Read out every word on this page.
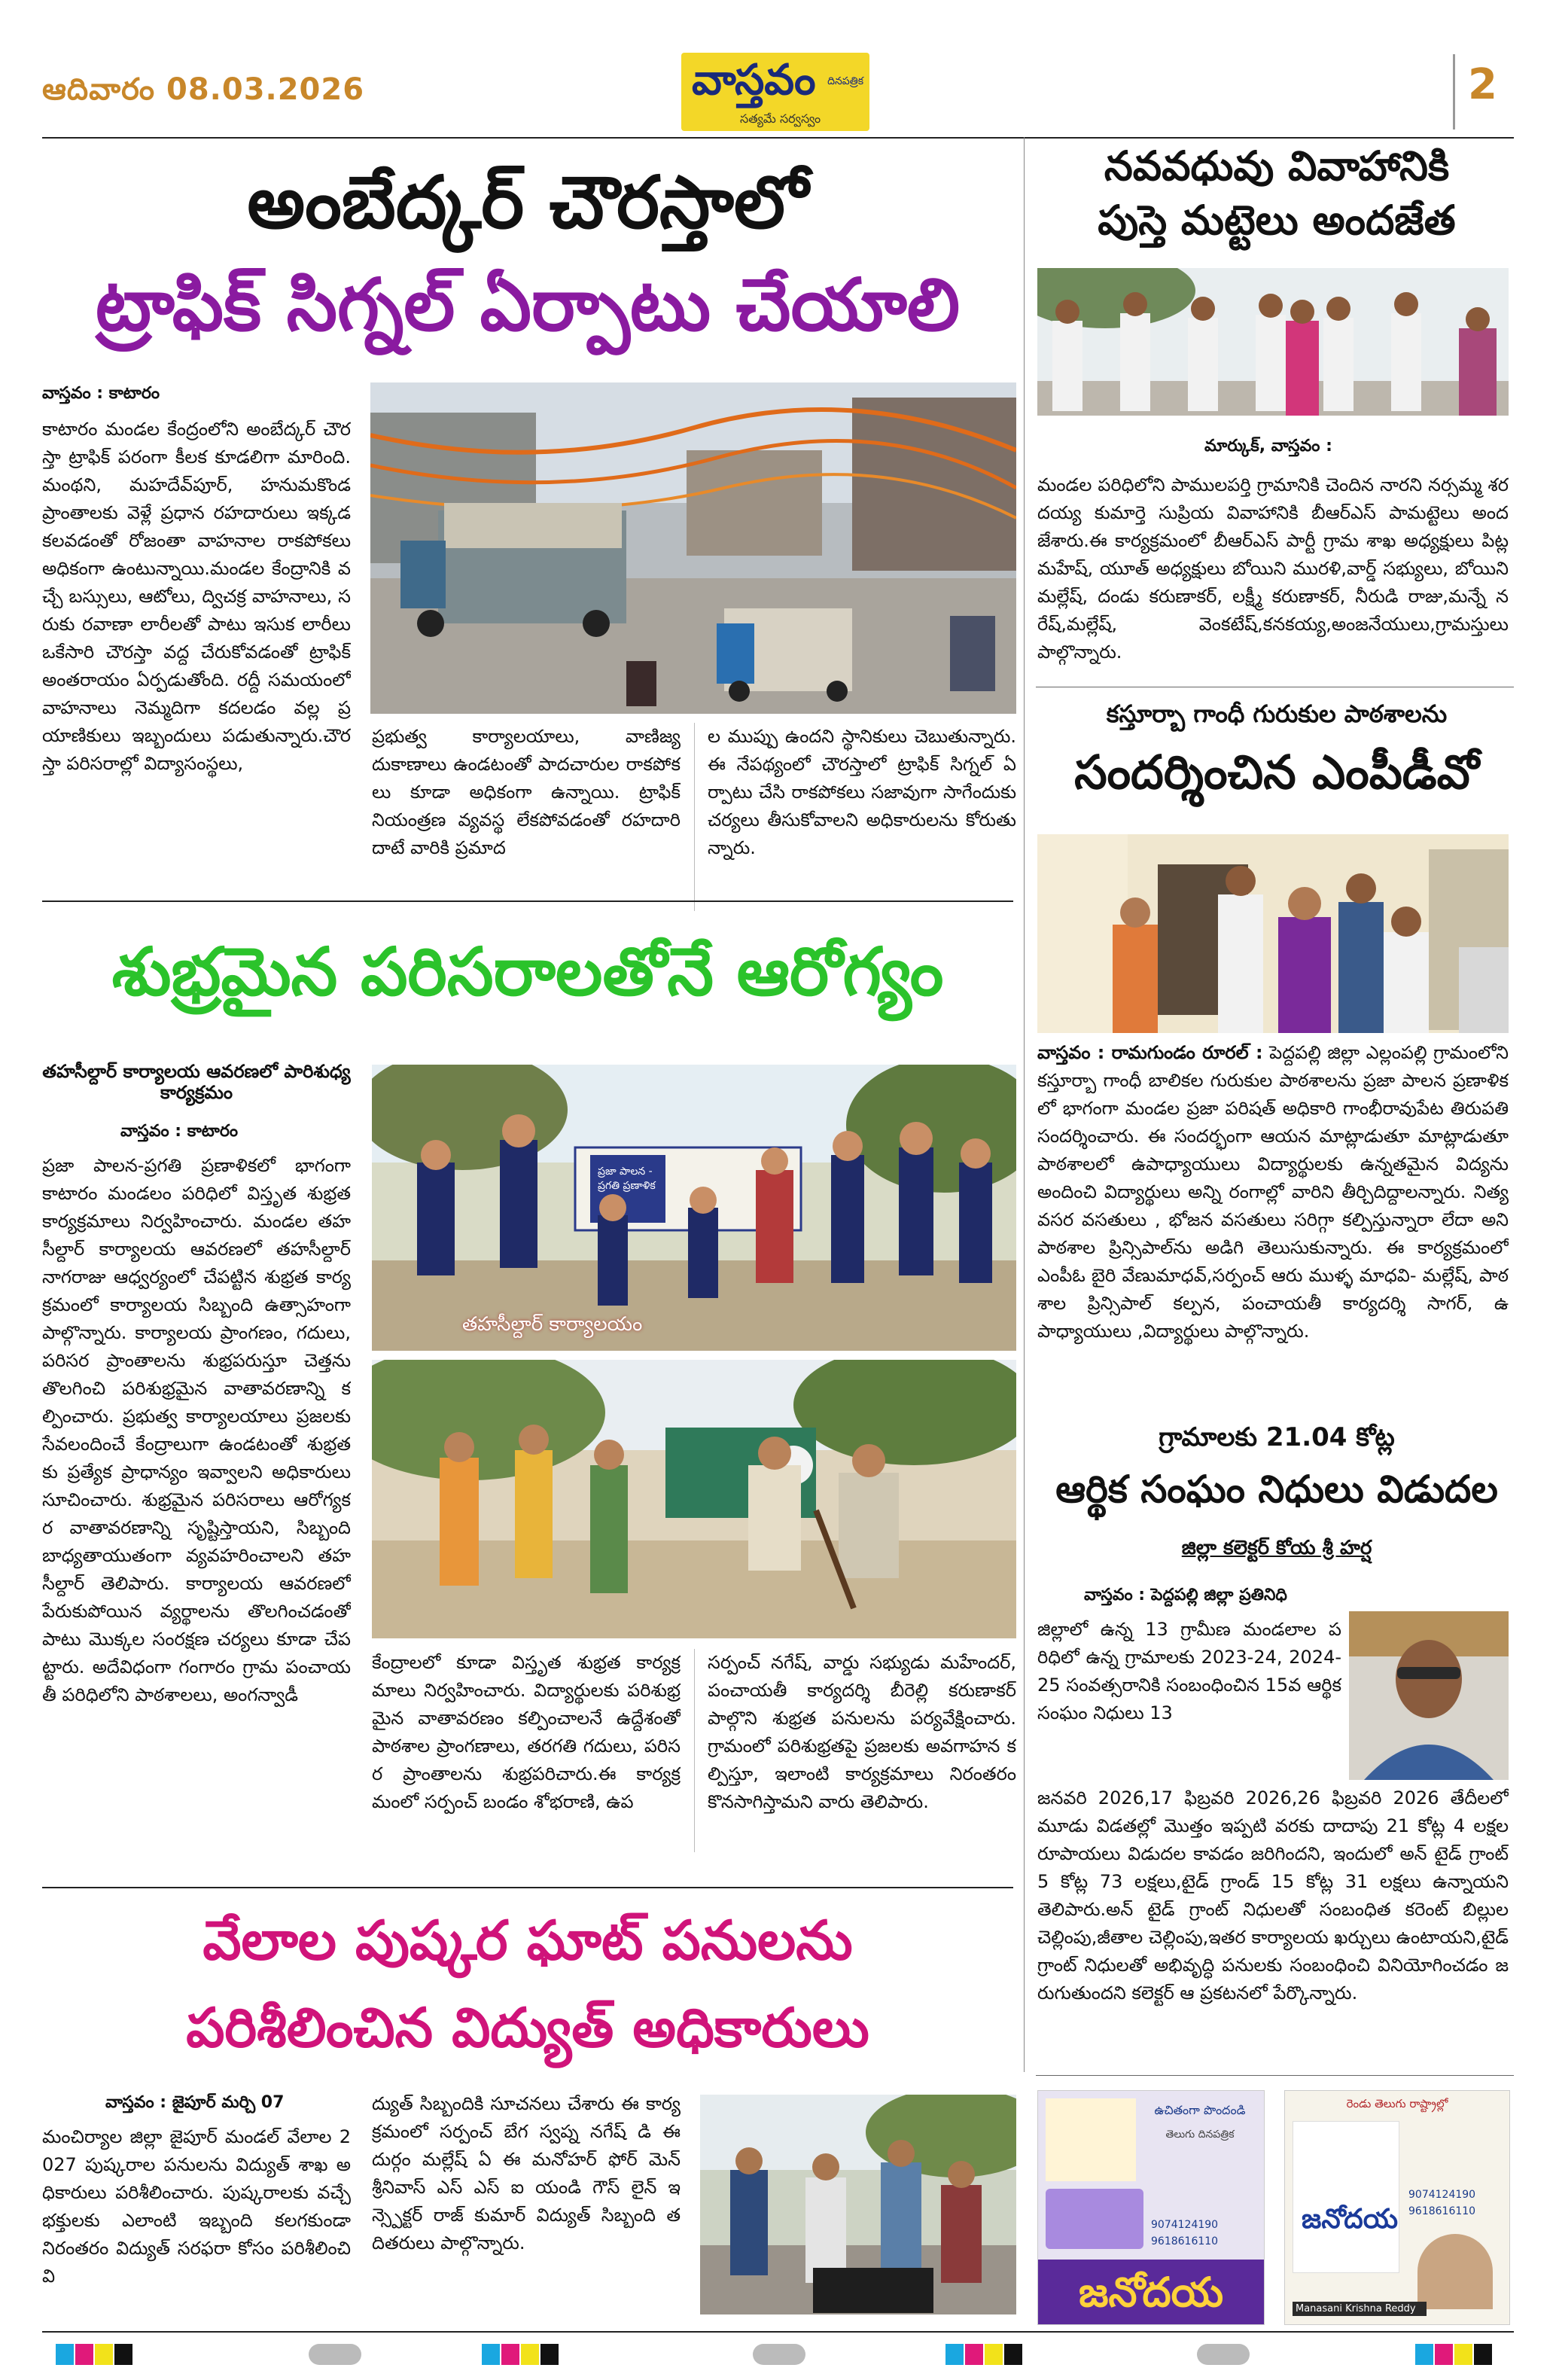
ఆదివారం 08.03.2026	వాస్తవం
సత్యమే సర్వస్వం
దినపత్రిక	2
అంబేద్కర్ చౌరస్తాలో
ట్రాఫిక్ సిగ్నల్ ఏర్పాటు చేయాలి
వాస్తవం : కాటారం
కాటారం మండల కేంద్రంలోని అంబేద్కర్ చౌరస్తా ట్రాఫిక్ పరంగా కీలక కూడలిగా మారింది. మంథని, మహదేవ్‌పూర్, హనుమకొండ ప్రాంతాలకు వెళ్లే ప్రధాన రహదారులు ఇక్కడ కలవడంతో రోజంతా వాహనాల రాకపోకలు అధికంగా ఉంటున్నాయి.మండల కేంద్రానికి వచ్చే బస్సులు, ఆటోలు, ద్విచక్ర వాహనాలు, సరుకు రవాణా లారీలతో పాటు ఇసుక లారీలు ఒకేసారి చౌరస్తా వద్ద చేరుకోవడంతో ట్రాఫిక్ అంతరాయం ఏర్పడుతోంది. రద్దీ సమయంలో వాహనాలు నెమ్మదిగా కదలడం వల్ల ప్రయాణికులు ఇబ్బందులు పడుతున్నారు.చౌరస్తా పరిసరాల్లో విద్యాసంస్థలు,
ప్రభుత్వ కార్యాలయాలు, వాణిజ్య దుకాణాలు ఉండటంతో పాదచారుల రాకపోకలు కూడా అధికంగా ఉన్నాయి. ట్రాఫిక్ నియంత్రణ వ్యవస్థ లేకపోవడంతో రహదారి దాటే వారికి ప్రమాద
ల ముప్పు ఉందని స్థానికులు చెబుతున్నారు.ఈ నేపథ్యంలో చౌరస్తాలో ట్రాఫిక్ సిగ్నల్ ఏర్పాటు చేసి రాకపోకలు సజావుగా సాగేందుకు చర్యలు తీసుకోవాలని అధికారులను కోరుతు న్నారు.
శుభ్రమైన పరిసరాలతోనే ఆరోగ్యం
తహసీల్దార్ కార్యాలయ ఆవరణలో పారిశుధ్య కార్యక్రమం
వాస్తవం : కాటారం
ప్రజా పాలన-ప్రగతి ప్రణాళికలో భాగంగా కాటారం మండలం పరిధిలో విస్తృత శుభ్రత కార్యక్రమాలు నిర్వహించారు. మండల తహసీల్దార్ కార్యాలయ ఆవరణలో తహసీల్దార్ నాగరాజు ఆధ్వర్యంలో చేపట్టిన శుభ్రత కార్యక్రమంలో కార్యాలయ సిబ్బంది ఉత్సాహంగా పాల్గొన్నారు. కార్యాలయ ప్రాంగణం, గదులు, పరిసర ప్రాంతాలను శుభ్రపరుస్తూ చెత్తను తొలగించి పరిశుభ్రమైన వాతావరణాన్ని కల్పించారు. ప్రభుత్వ కార్యాలయాలు ప్రజలకు సేవలందించే కేంద్రాలుగా ఉండటంతో శుభ్రతకు ప్రత్యేక ప్రాధాన్యం ఇవ్వాలని అధికారులు సూచించారు. శుభ్రమైన పరిసరాలు ఆరోగ్యకర వాతావరణాన్ని సృష్టిస్తాయని, సిబ్బంది బాధ్యతాయుతంగా వ్యవహరించాలని తహసీల్దార్ తెలిపారు. కార్యాలయ ఆవరణలో పేరుకుపోయిన వ్యర్థాలను తొలగించడంతో పాటు మొక్కల సంరక్షణ చర్యలు కూడా చేపట్టారు. అదేవిధంగా గంగారం గ్రామ పంచాయతీ పరిధిలోని పాఠశాలలు, అంగన్వాడీ
తహసీల్దార్ కార్యాలయం
ప్రజా పాలన - ప్రగతి ప్రణాళిక
కేంద్రాలలో కూడా విస్తృత శుభ్రత కార్యక్రమాలు నిర్వహించారు. విద్యార్థులకు పరిశుభ్రమైన వాతావరణం కల్పించాలనే ఉద్దేశంతో పాఠశాల ప్రాంగణాలు, తరగతి గదులు, పరిసర ప్రాంతాలను శుభ్రపరిచారు.ఈ కార్యక్రమంలో సర్పంచ్ బండం శోభరాణి, ఉప
సర్పంచ్ నగేష్, వార్డు సభ్యుడు మహేందర్, పంచాయతీ కార్యదర్శి బీరెల్లి కరుణాకర్ పాల్గొని శుభ్రత పనులను పర్యవేక్షించారు. గ్రామంలో పరిశుభ్రతపై ప్రజలకు అవగాహన కల్పిస్తూ, ఇలాంటి కార్యక్రమాలు నిరంతరం కొనసాగిస్తామని వారు తెలిపారు.
వేలాల పుష్కర ఘాట్ పనులను
పరిశీలించిన విద్యుత్ అధికారులు
వాస్తవం : జైపూర్ మర్చి 07
మంచిర్యాల జిల్లా జైపూర్ మండల్ వేలాల 2027 పుష్కరాల పనులను విద్యుత్ శాఖ అధికారులు పరిశీలించారు. పుష్కరాలకు వచ్చే భక్తులకు ఎలాంటి ఇబ్బంది కలగకుండా నిరంతరం విద్యుత్ సరఫరా కోసం పరిశీలించి వి
ద్యుత్ సిబ్బందికి సూచనలు చేశారు ఈ కార్యక్రమంలో సర్పంచ్ బేగ స్వప్న నగేష్ డి ఈ దుర్గం మల్లేష్ ఏ ఈ మనోహర్ ఫోర్ మెన్ శ్రీనివాస్ ఎస్ ఎస్ ఐ యండి గౌస్ లైన్ ఇన్స్పెక్టర్ రాజ్ కుమార్ విద్యుత్ సిబ్బంది తదితరులు పాల్గొన్నారు.
నవవధువు వివాహానికి
పుస్తె మట్టెలు అందజేత
మార్కుక్, వాస్తవం :
మండల పరిధిలోని పాములపర్తి గ్రామానికి చెందిన నారని నర్సమ్మ శరదయ్య కుమార్తె సుప్రియ వివాహానికి బీఆర్ఎస్ పామట్టెలు అందజేశారు.ఈ కార్యక్రమంలో బీఆర్ఎస్ పార్టీ గ్రామ శాఖ అధ్యక్షులు పిట్ల మహేష్, యూత్ అధ్యక్షులు బోయిని మురళి,వార్డ్ సభ్యులు, బోయిని మల్లేష్, దండు కరుణాకర్, లక్ష్మీ కరుణాకర్, నీరుడి రాజు,మన్నే నరేష్,మల్లేష్, వెంకటేష్,కనకయ్య,అంజనేయులు,గ్రామస్తులు పాల్గొన్నారు.
కస్తూర్బా గాంధీ గురుకుల పాఠశాలను
సందర్శించిన ఎంపీడీవో
వాస్తవం : రామగుండం రూరల్ : పెద్దపల్లి జిల్లా ఎల్లంపల్లి గ్రామంలోని కస్తూర్బా గాంధీ బాలికల గురుకుల పాఠశాలను ప్రజా పాలన ప్రణాళికలో భాగంగా మండల ప్రజా పరిషత్ అధికారి గాంభీరావుపేట తిరుపతి సందర్శించారు. ఈ సందర్భంగా ఆయన మాట్లాడుతూ మాట్లాడుతూ పాఠశాలలో ఉపాధ్యాయులు విద్యార్థులకు ఉన్నతమైన విద్యను అందించి విద్యార్థులు అన్ని రంగాల్లో వారిని తీర్చిదిద్దాలన్నారు. నిత్యవసర వసతులు , భోజన వసతులు సరిగ్గా కల్పిస్తున్నారా లేదా అని పాఠశాల ప్రిన్సిపాల్‌ను అడిగి తెలుసుకున్నారు. ఈ కార్యక్రమంలో ఎంపీఓ బైరి వేణుమాధవ్,సర్పంచ్ ఆరు ముళ్ళ మాధవి- మల్లేష్, పాఠశాల ప్రిన్సిపాల్ కల్పన, పంచాయతీ కార్యదర్శి సాగర్, ఉపాధ్యాయులు ,విద్యార్థులు పాల్గొన్నారు.
గ్రామాలకు 21.04 కోట్ల
ఆర్థిక సంఘం నిధులు విడుదల
జిల్లా కలెక్టర్ కోయ శ్రీ హర్ష
వాస్తవం : పెద్దపల్లి జిల్లా ప్రతినిధి
జిల్లాలో ఉన్న 13 గ్రామీణ మండలాల పరిధిలో ఉన్న గ్రామాలకు 2023-24, 2024-25 సంవత్సరానికి సంబంధించిన 15వ ఆర్థిక సంఘం నిధులు 13
జనవరి 2026,17 ఫిబ్రవరి 2026,26 ఫిబ్రవరి 2026 తేదీలలో మూడు విడతల్లో మొత్తం ఇప్పటి వరకు దాదాపు 21 కోట్ల 4 లక్షల రూపాయలు విడుదల కావడం జరిగిందని, ఇందులో అన్ టైడ్ గ్రాంట్ 5 కోట్ల 73 లక్షలు,టైడ్ గ్రాండ్ 15 కోట్ల 31 లక్షలు ఉన్నాయని తెలిపారు.అన్ టైడ్ గ్రాంట్ నిధులతో సంబంధిత కరెంట్ బిల్లుల చెల్లింపు,జీతాల చెల్లింపు,ఇతర కార్యాలయ ఖర్చులు ఉంటాయని,టైడ్ గ్రాంట్ నిధులతో అభివృద్ధి పనులకు సంబంధించి వినియోగించడం జరుగుతుందని కలెక్టర్ ఆ ప్రకటనలో పేర్కొన్నారు.
ఉచితంగా పొందండి
తెలుగు దినపత్రిక
9074124190
9618616110
జనోదయ
రెండు తెలుగు రాష్ట్రాల్లో
జనోదయ
9074124190
9618616110
Manasani Krishna Reddy
